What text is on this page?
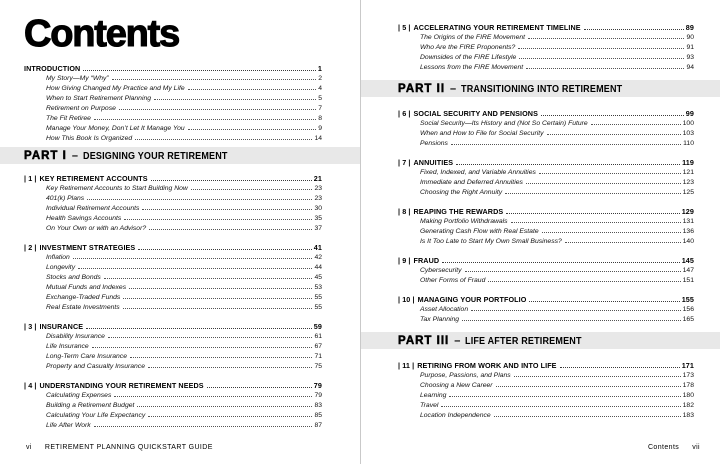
Contents
INTRODUCTION	1
My Story—My “Why”	2
How Giving Changed My Practice and My Life	4
When to Start Retirement Planning	5
Retirement on Purpose	7
The Fit Retiree	8
Manage Your Money, Don’t Let It Manage You	9
How This Book Is Organized	14
PART I – DESIGNING YOUR RETIREMENT
| 1 | KEY RETIREMENT ACCOUNTS	21
Key Retirement Accounts to Start Building Now	23
401(k) Plans	23
Individual Retirement Accounts	30
Health Savings Accounts	35
On Your Own or with an Advisor?	37
| 2 | INVESTMENT STRATEGIES	41
Inflation	42
Longevity	44
Stocks and Bonds	45
Mutual Funds and Indexes	53
Exchange-Traded Funds	55
Real Estate Investments	55
| 3 | INSURANCE	59
Disability Insurance	61
Life Insurance	67
Long-Term Care Insurance	71
Property and Casualty Insurance	75
| 4 | UNDERSTANDING YOUR RETIREMENT NEEDS	79
Calculating Expenses	79
Building a Retirement Budget	83
Calculating Your Life Expectancy	85
Life After Work	87
vi RETIREMENT PLANNING QUICKSTART GUIDE
| 5 | ACCELERATING YOUR RETIREMENT TIMELINE	89
The Origins of the FIRE Movement	90
Who Are the FIRE Proponents?	91
Downsides of the FIRE Lifestyle	93
Lessons from the FIRE Movement	94
PART II – TRANSITIONING INTO RETIREMENT
| 6 | SOCIAL SECURITY AND PENSIONS	99
Social Security—Its History and (Not So Certain) Future	100
When and How to File for Social Security	103
Pensions	110
| 7 | ANNUITIES	119
Fixed, Indexed, and Variable Annuities	121
Immediate and Deferred Annuities	123
Choosing the Right Annuity	125
| 8 | REAPING THE REWARDS	129
Making Portfolio Withdrawals	131
Generating Cash Flow with Real Estate	136
Is It Too Late to Start My Own Small Business?	140
| 9 | FRAUD	145
Cybersecurity	147
Other Forms of Fraud	151
| 10 | MANAGING YOUR PORTFOLIO	155
Asset Allocation	156
Tax Planning	165
PART III – LIFE AFTER RETIREMENT
| 11 | RETIRING FROM WORK AND INTO LIFE	171
Purpose, Passions, and Plans	173
Choosing a New Career	178
Learning	180
Travel	182
Location Independence	183
Contents vii
